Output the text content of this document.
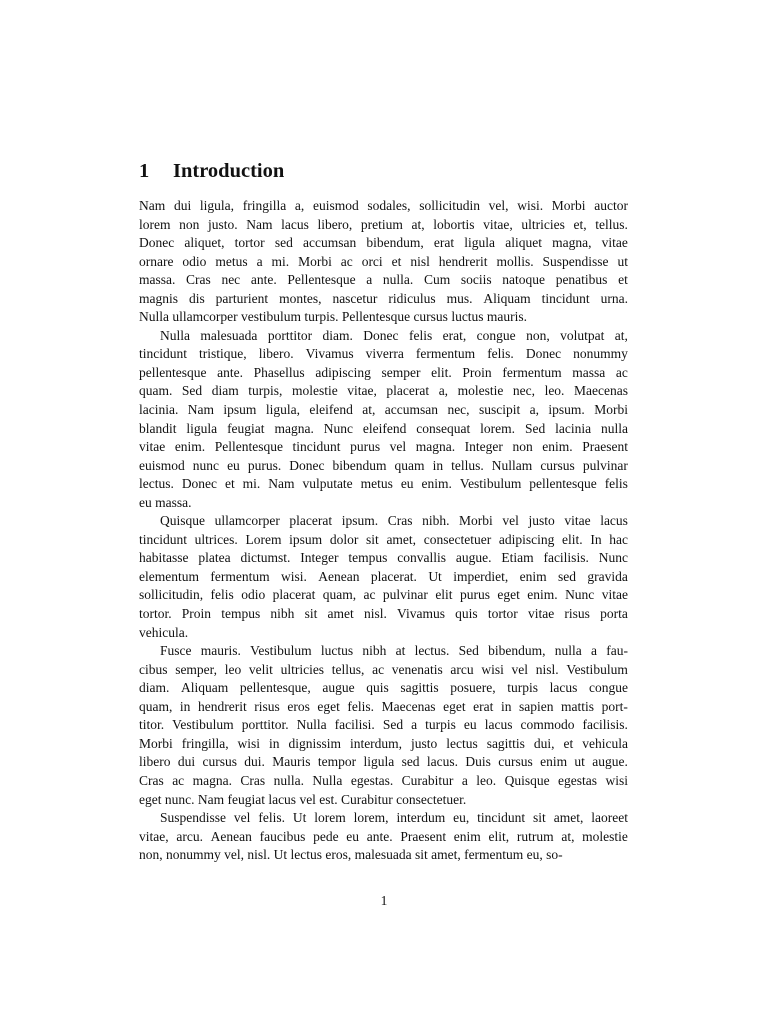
1 Introduction
Nam dui ligula, fringilla a, euismod sodales, sollicitudin vel, wisi. Morbi auctor
lorem non justo. Nam lacus libero, pretium at, lobortis vitae, ultricies et, tellus.
Donec aliquet, tortor sed accumsan bibendum, erat ligula aliquet magna, vitae
ornare odio metus a mi. Morbi ac orci et nisl hendrerit mollis. Suspendisse ut
massa. Cras nec ante. Pellentesque a nulla. Cum sociis natoque penatibus et
magnis dis parturient montes, nascetur ridiculus mus. Aliquam tincidunt urna.
Nulla ullamcorper vestibulum turpis. Pellentesque cursus luctus mauris.
Nulla malesuada porttitor diam. Donec felis erat, congue non, volutpat at,
tincidunt tristique, libero. Vivamus viverra fermentum felis. Donec nonummy
pellentesque ante. Phasellus adipiscing semper elit. Proin fermentum massa ac
quam. Sed diam turpis, molestie vitae, placerat a, molestie nec, leo. Maecenas
lacinia. Nam ipsum ligula, eleifend at, accumsan nec, suscipit a, ipsum. Morbi
blandit ligula feugiat magna. Nunc eleifend consequat lorem. Sed lacinia nulla
vitae enim. Pellentesque tincidunt purus vel magna. Integer non enim. Praesent
euismod nunc eu purus. Donec bibendum quam in tellus. Nullam cursus pulvinar
lectus. Donec et mi. Nam vulputate metus eu enim. Vestibulum pellentesque felis
eu massa.
Quisque ullamcorper placerat ipsum. Cras nibh. Morbi vel justo vitae lacus
tincidunt ultrices. Lorem ipsum dolor sit amet, consectetuer adipiscing elit. In hac
habitasse platea dictumst. Integer tempus convallis augue. Etiam facilisis. Nunc
elementum fermentum wisi. Aenean placerat. Ut imperdiet, enim sed gravida
sollicitudin, felis odio placerat quam, ac pulvinar elit purus eget enim. Nunc vitae
tortor. Proin tempus nibh sit amet nisl. Vivamus quis tortor vitae risus porta
vehicula.
Fusce mauris. Vestibulum luctus nibh at lectus. Sed bibendum, nulla a fau-
cibus semper, leo velit ultricies tellus, ac venenatis arcu wisi vel nisl. Vestibulum
diam. Aliquam pellentesque, augue quis sagittis posuere, turpis lacus congue
quam, in hendrerit risus eros eget felis. Maecenas eget erat in sapien mattis port-
titor. Vestibulum porttitor. Nulla facilisi. Sed a turpis eu lacus commodo facilisis.
Morbi fringilla, wisi in dignissim interdum, justo lectus sagittis dui, et vehicula
libero dui cursus dui. Mauris tempor ligula sed lacus. Duis cursus enim ut augue.
Cras ac magna. Cras nulla. Nulla egestas. Curabitur a leo. Quisque egestas wisi
eget nunc. Nam feugiat lacus vel est. Curabitur consectetuer.
Suspendisse vel felis. Ut lorem lorem, interdum eu, tincidunt sit amet, laoreet
vitae, arcu. Aenean faucibus pede eu ante. Praesent enim elit, rutrum at, molestie
non, nonummy vel, nisl. Ut lectus eros, malesuada sit amet, fermentum eu, so-
1
